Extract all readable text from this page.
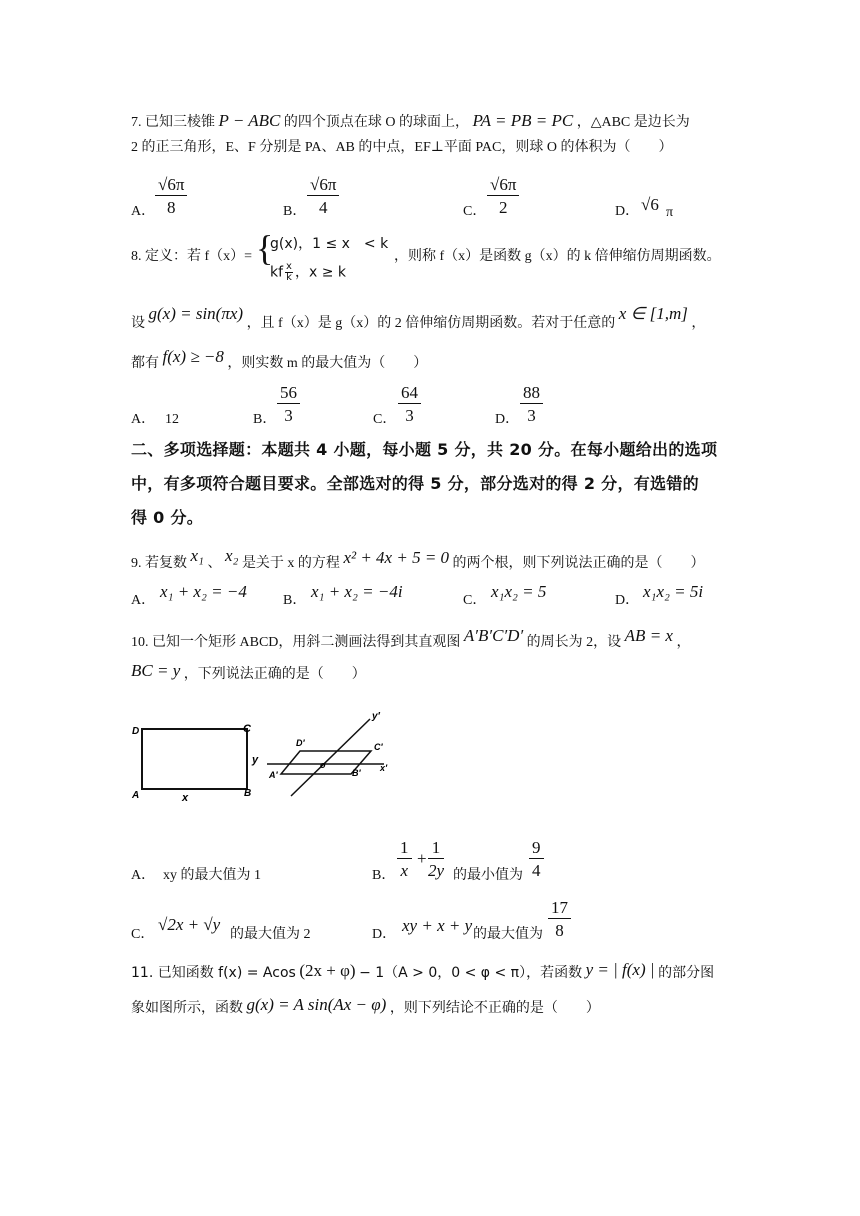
7. 已知三棱锥 P − ABC 的四个顶点在球 O 的球面上， PA = PB = PC ，△ABC 是边长为
2 的正三角形，E、F 分别是 PA、AB 的中点，EF⊥平面 PAC，则球 O 的体积为（　　）
A． $\frac{√6\pi}{8}$	B． $\frac{√6\pi}{4}$	C． $\frac{√6\pi}{2}$	D． √6 π
8. 定义：若 f（x）= {
g(x)，1 ≤ x　< k
kf $\frac{x}{k}$ ，x ≥ k
，则称 f（x）是函数 g（x）的 k 倍伸缩仿周期函数。
设 g(x) = sin(πx) ，且 f（x）是 g（x）的 2 倍伸缩仿周期函数。若对于任意的 x ∈ [1,m] ，
都有 f(x) ≥ −8 ，则实数 m 的最大值为（　　）
A． 12	B． $\frac{56}{3}$	C． $\frac{64}{3}$	D． $\frac{88}{3}$
二、多项选择题：本题共 4 小题，每小题 5 分，共 20 分。在每小题给出的选项
中，有多项符合题目要求。全部选对的得 5 分，部分选对的得 2 分，有选错的
得 0 分。
9. 若复数 x₁ 、 x₂ 是关于 x 的方程 x² + 4x + 5 = 0 的两个根，则下列说法正确的是（　　）
A． x₁ + x₂ = −4	B． x₁ + x₂ = −4i	C． x₁x₂ = 5	D． x₁x₂ = 5i
10. 已知一个矩形 ABCD，用斜二测画法得到其直观图 A′B′C′D′ 的周长为 2，设 AB = x ，
BC = y ，下列说法正确的是（　　）
D	C
A	B
x
y
y′
D′	C′
A′	B′
o	x′
A． xy 的最大值为 1	B． $\frac{1}{x} + \frac{1}{2y}$ 的最小值为 $\frac{9}{4}$
C．
√2x + √y
的最大值为 2	D． xy + x + y 的最大值为 $\frac{17}{8}$
11. 已知函数 f(x) = Acos (2x + φ) − 1（A > 0，0 < φ < π），若函数 y = | f(x) | 的部分图
象如图所示，函数 g(x) = A sin(Ax − φ) ，则下列结论不正确的是（　　）
